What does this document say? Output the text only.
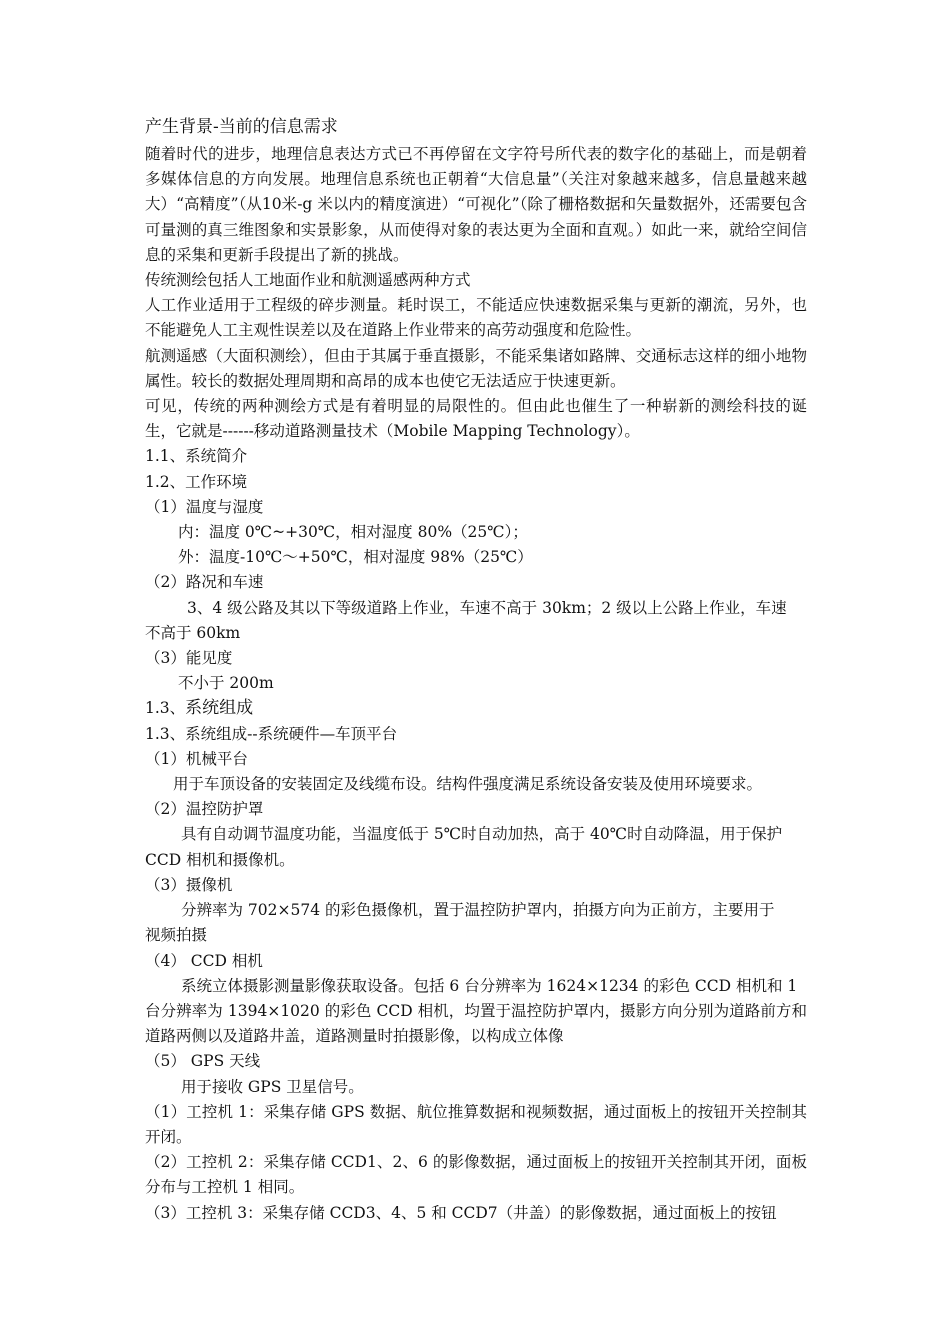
产生背景-当前的信息需求

随着时代的进步，地理信息表达方式已不再停留在文字符号所代表的数字化的基础上，而是朝着多媒体信息的方向发展。地理信息系统也正朝着“大信息量”（关注对象越来越多，信息量越来越大）“高精度”（从10米-g 米以内的精度演进）“可视化”（除了栅格数据和矢量数据外，还需要包含可量测的真三维图象和实景影象，从而使得对象的表达更为全面和直观。）如此一来，就给空间信息的采集和更新手段提出了新的挑战。

传统测绘包括人工地面作业和航测遥感两种方式

人工作业适用于工程级的碎步测量。耗时误工，不能适应快速数据采集与更新的潮流，另外，也不能避免人工主观性误差以及在道路上作业带来的高劳动强度和危险性。

航测遥感（大面积测绘），但由于其属于垂直摄影，不能采集诸如路牌、交通标志这样的细小地物属性。较长的数据处理周期和高昂的成本也使它无法适应于快速更新。

可见，传统的两种测绘方式是有着明显的局限性的。但由此也催生了一种崭新的测绘科技的诞生，它就是------移动道路测量技术（Mobile Mapping Technology）。

1.1、系统简介

1.2、工作环境

（1）温度与湿度

内：温度 0℃~+30℃，相对湿度 80%（25℃）；

外：温度-10℃～+50℃，相对湿度 98%（25℃）

（2）路况和车速

3、4 级公路及其以下等级道路上作业，车速不高于 30km；2 级以上公路上作业，车速

不高于 60km

（3）能见度

不小于 200m

1.3、系统组成

1.3、系统组成--系统硬件—车顶平台

（1）机械平台

用于车顶设备的安装固定及线缆布设。结构件强度满足系统设备安装及使用环境要求。

（2）温控防护罩

具有自动调节温度功能，当温度低于 5℃时自动加热，高于 40℃时自动降温，用于保护

CCD 相机和摄像机。

（3）摄像机

分辨率为 702×574 的彩色摄像机，置于温控防护罩内，拍摄方向为正前方，主要用于

视频拍摄

（4） CCD 相机

系统立体摄影测量影像获取设备。包括 6 台分辨率为 1624×1234 的彩色 CCD 相机和 1

台分辨率为 1394×1020 的彩色 CCD 相机，均置于温控防护罩内，摄影方向分别为道路前方和道路两侧以及道路井盖，道路测量时拍摄影像，以构成立体像

（5） GPS 天线

用于接收 GPS 卫星信号。

（1）工控机 1：采集存储 GPS 数据、航位推算数据和视频数据，通过面板上的按钮开关控制其开闭。

（2）工控机 2：采集存储 CCD1、2、6 的影像数据，通过面板上的按钮开关控制其开闭，面板分布与工控机 1 相同。

（3）工控机 3：采集存储 CCD3、4、5 和 CCD7（井盖）的影像数据，通过面板上的按钮
